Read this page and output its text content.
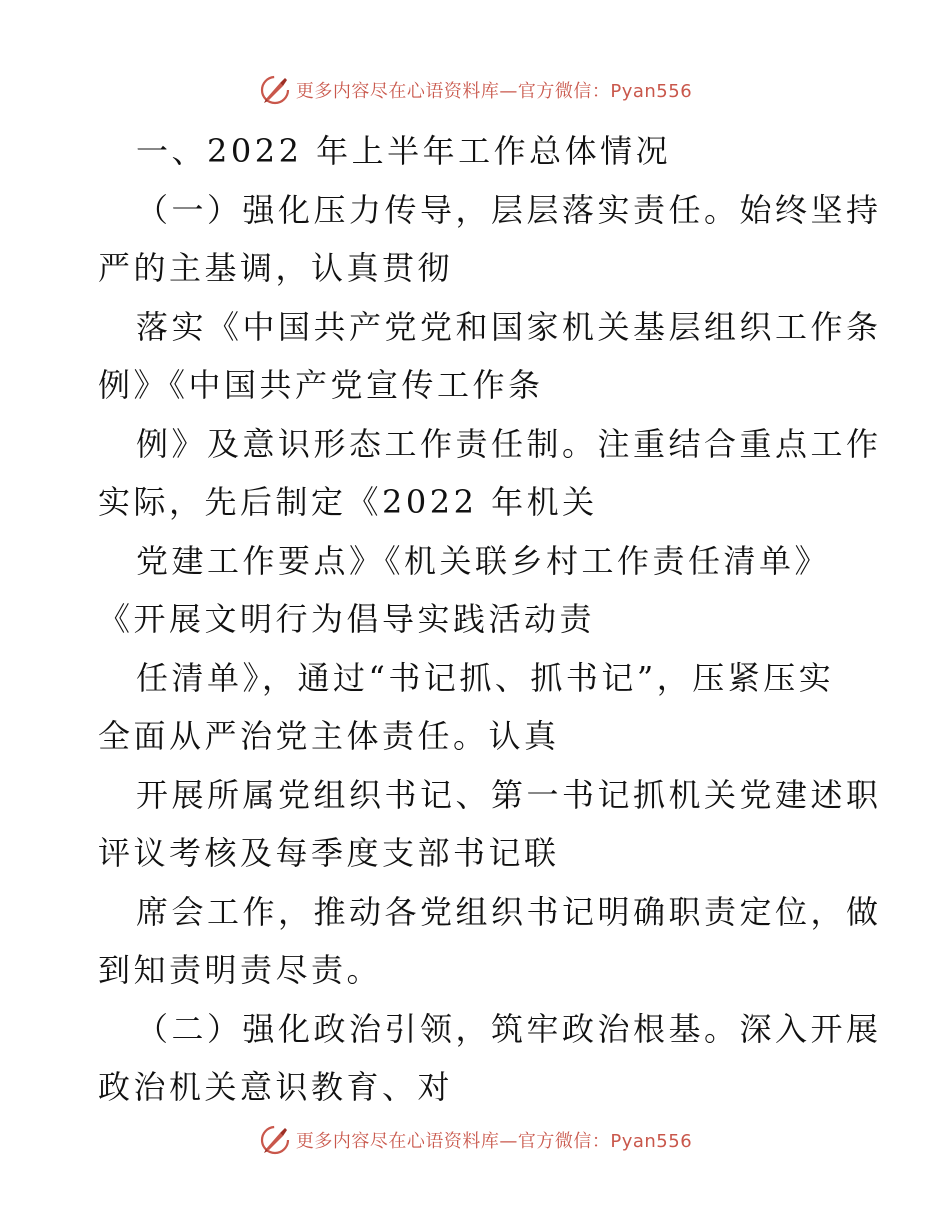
更多内容尽在心语资料库—官方微信：Pyan556
一、2022 年上半年工作总体情况
（一）强化压力传导，层层落实责任。始终坚持
严的主基调，认真贯彻
落实《中国共产党党和国家机关基层组织工作条
例》《中国共产党宣传工作条
例》及意识形态工作责任制。注重结合重点工作
实际，先后制定《2022 年机关
党建工作要点》《机关联乡村工作责任清单》
《开展文明行为倡导实践活动责
任清单》，通过“书记抓、抓书记”，压紧压实
全面从严治党主体责任。认真
开展所属党组织书记、第一书记抓机关党建述职
评议考核及每季度支部书记联
席会工作，推动各党组织书记明确职责定位，做
到知责明责尽责。
（二）强化政治引领，筑牢政治根基。深入开展
政治机关意识教育、对
更多内容尽在心语资料库—官方微信：Pyan556
